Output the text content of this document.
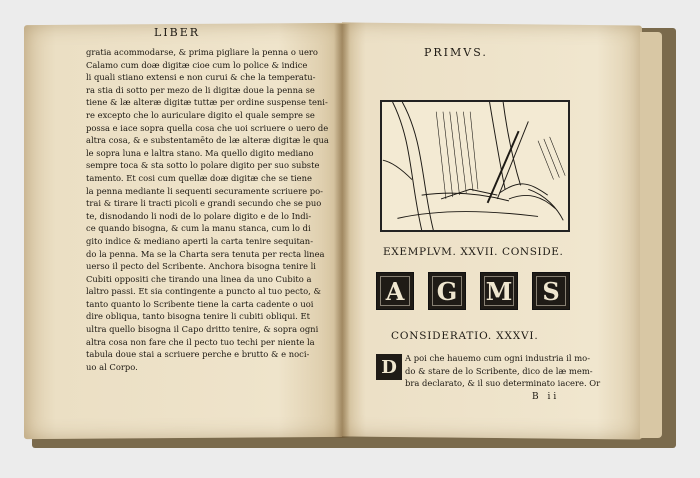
LIBER
PRIMVS.
gratia acommodarse, & prima pigliare la penna o uero
Calamo cum doæ digitæ cioe cum lo police & indice
li quali stiano extensi e non curui & che la temperatu-
ra stia di sotto per mezo de li digitæ doue la penna se
tiene & læ alteræ digitæ tuttæ per ordine suspense teni-
re excepto che lo auriculare digito el quale sempre se
possa e iace sopra quella cosa che uoi scriuere o uero de
altra cosa, & e substentamēto de læ alteræ digitæ le qua
le sopra luna e laltra stano. Ma quello digito mediano
sempre toca & sta sotto lo polare digito per suo subste
tamento. Et cosi cum quellæ doæ digitæ che se tiene
la penna mediante li sequenti securamente scriuere po-
trai & tirare li tracti picoli e grandi secundo che se puo
te, disnodando li nodi de lo polare digito e de lo Indi-
ce quando bisogna, & cum la manu stanca, cum lo di
gito indice & mediano aperti la carta tenire sequitan-
do la penna. Ma se la Charta sera tenuta per recta linea
uerso il pecto del Scribente. Anchora bisogna tenire li
Cubiti oppositi che tirando una linea da uno Cubito a
laltro passi. Et sia contingente a puncto al tuo pecto, &
tanto quanto lo Scribente tiene la carta cadente o uoi
dire obliqua, tanto bisogna tenire li cubiti obliqui. Et
ultra quello bisogna il Capo dritto tenire, & sopra ogni
altra cosa non fare che il pecto tuo techi per niente la
tabula doue stai a scriuere perche e brutto & e noci-
uo al Corpo.
EXEMPLVM. XXVII. CONSIDE.
A	G	M	S
CONSIDERATIO. XXXVI.
D A poi che hauemo cum ogni industria il mo-
do & stare de lo Scribente, dico de læ mem-
bra declarato, & il suo determinato iacere. Or
B ii
